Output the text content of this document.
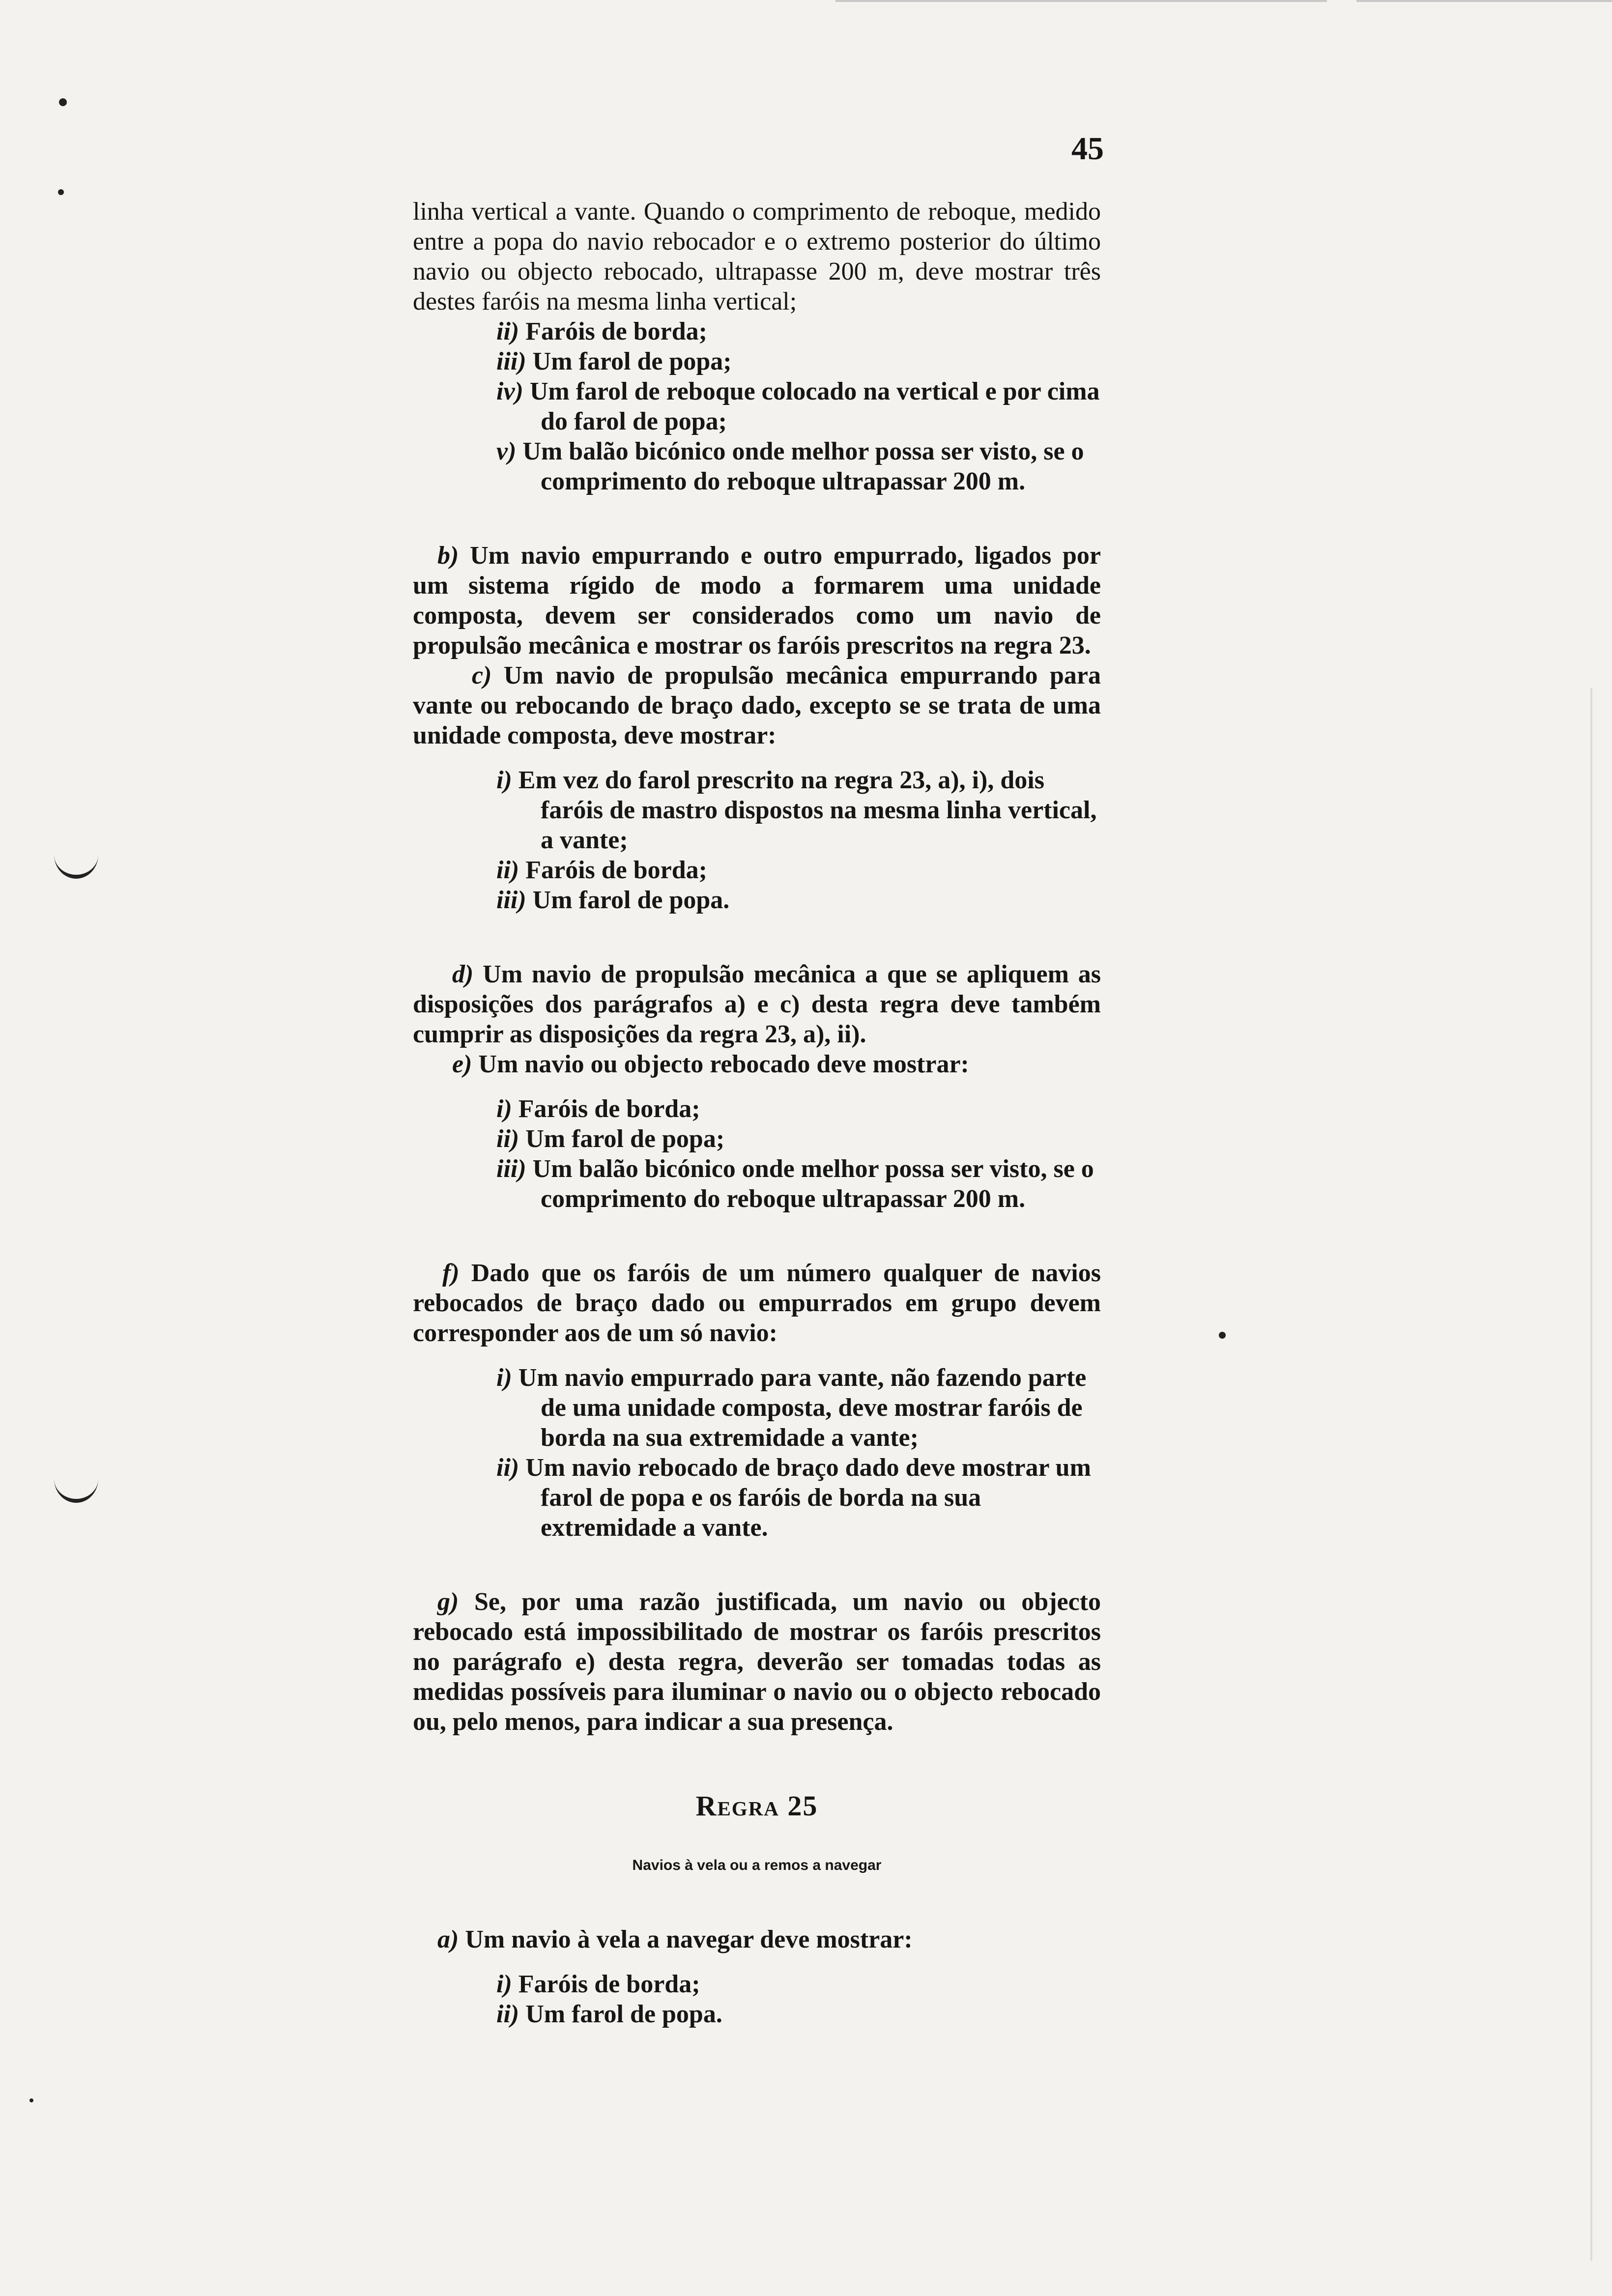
45

linha vertical a vante. Quando o comprimento de reboque, medido entre a popa do navio rebocador e o extremo posterior do último navio ou objecto rebocado, ultrapasse 200 m, deve mostrar três destes faróis na mesma linha vertical;

ii) Faróis de borda;
iii) Um farol de popa;
iv) Um farol de reboque colocado na vertical e por cima do farol de popa;
v) Um balão bicónico onde melhor possa ser visto, se o comprimento do reboque ultrapassar 200 m.

b) Um navio empurrando e outro empurrado, ligados por um sistema rígido de modo a formarem uma unidade composta, devem ser considerados como um navio de propulsão mecânica e mostrar os faróis prescritos na regra 23.

c) Um navio de propulsão mecânica empurrando para vante ou rebocando de braço dado, excepto se se trata de uma unidade composta, deve mostrar:

i) Em vez do farol prescrito na regra 23, a), i), dois faróis de mastro dispostos na mesma linha vertical, a vante;
ii) Faróis de borda;
iii) Um farol de popa.

d) Um navio de propulsão mecânica a que se apliquem as disposições dos parágrafos a) e c) desta regra deve também cumprir as disposições da regra 23, a), ii).

e) Um navio ou objecto rebocado deve mostrar:

i) Faróis de borda;
ii) Um farol de popa;
iii) Um balão bicónico onde melhor possa ser visto, se o comprimento do reboque ultrapassar 200 m.

f) Dado que os faróis de um número qualquer de navios rebocados de braço dado ou empurrados em grupo devem corresponder aos de um só navio:

i) Um navio empurrado para vante, não fazendo parte de uma unidade composta, deve mostrar faróis de borda na sua extremidade a vante;
ii) Um navio rebocado de braço dado deve mostrar um farol de popa e os faróis de borda na sua extremidade a vante.

g) Se, por uma razão justificada, um navio ou objecto rebocado está impossibilitado de mostrar os faróis prescritos no parágrafo e) desta regra, deverão ser tomadas todas as medidas possíveis para iluminar o navio ou o objecto rebocado ou, pelo menos, para indicar a sua presença.

Regra 25
Navios à vela ou a remos a navegar

a) Um navio à vela a navegar deve mostrar:

i) Faróis de borda;
ii) Um farol de popa.
